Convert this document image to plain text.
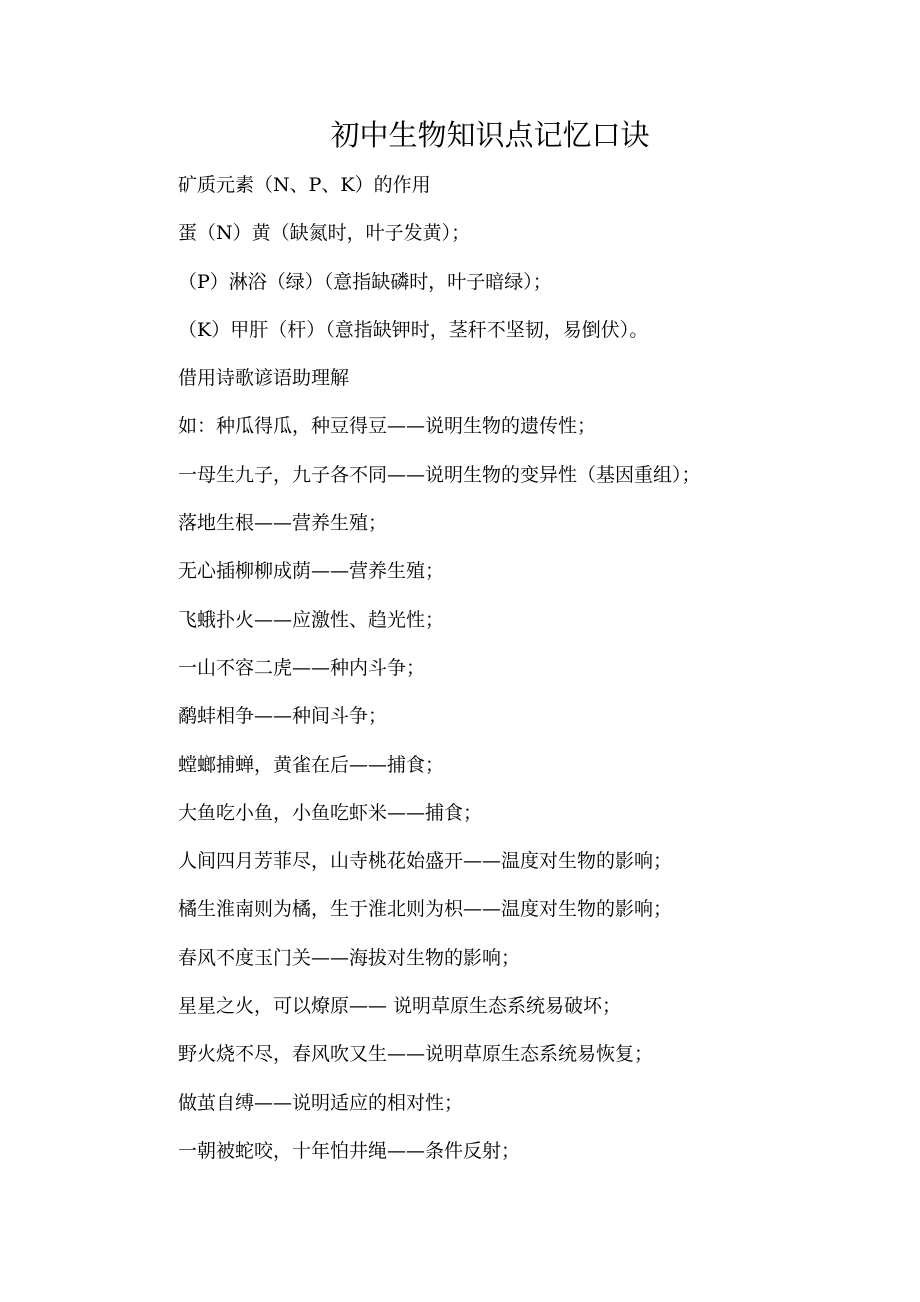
初中生物知识点记忆口诀
矿质元素（N、P、K）的作用
蛋（N）黄（缺氮时，叶子发黄）；
（P）淋浴（绿）（意指缺磷时，叶子暗绿）；
（K）甲肝（杆）（意指缺钾时，茎秆不坚韧，易倒伏）。
借用诗歌谚语助理解
如：种瓜得瓜，种豆得豆——说明生物的遗传性；
一母生九子，九子各不同——说明生物的变异性（基因重组）；
落地生根——营养生殖；
无心插柳柳成荫——营养生殖；
飞蛾扑火——应激性、趋光性；
一山不容二虎——种内斗争；
鹬蚌相争——种间斗争；
螳螂捕蝉，黄雀在后——捕食；
大鱼吃小鱼，小鱼吃虾米——捕食；
人间四月芳菲尽，山寺桃花始盛开——温度对生物的影响；
橘生淮南则为橘，生于淮北则为枳——温度对生物的影响；
春风不度玉门关——海拔对生物的影响；
星星之火，可以燎原—— 说明草原生态系统易破坏；
野火烧不尽，春风吹又生——说明草原生态系统易恢复；
做茧自缚——说明适应的相对性；
一朝被蛇咬，十年怕井绳——条件反射；
